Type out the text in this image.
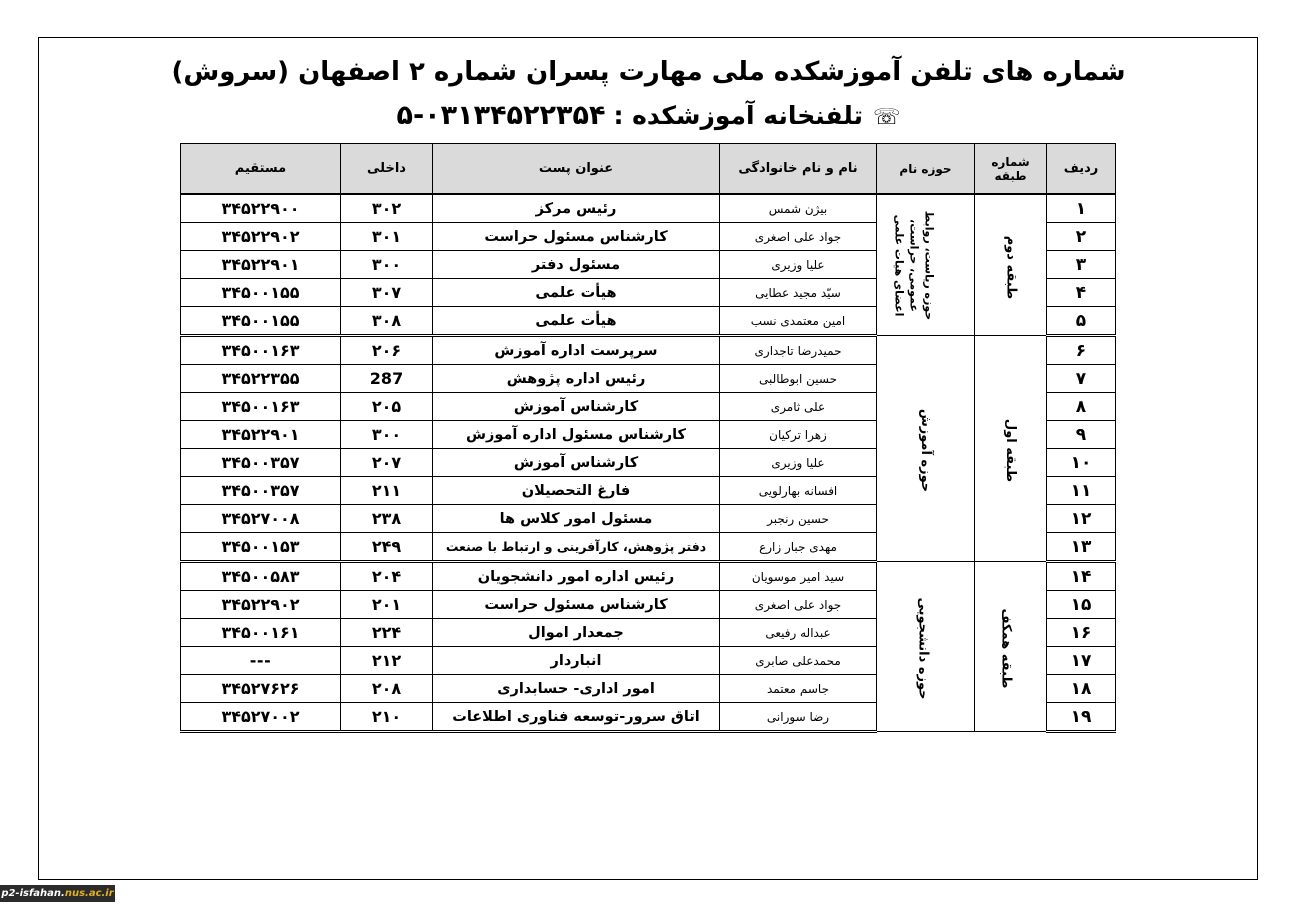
شماره های تلفن آموزشکده ملی مهارت پسران شماره ۲ اصفهان (سروش)
☏تلفنخانه آموزشکده :۰۳۱۳۴۵۲۲۳۵۴-۵
ردیف	شماره طبقه	حوزه نام	نام و نام خانوادگی	عنوان پست	داخلی	مستقیم
۱	طبقه دوم	حوزه ریاست، روابط عمومی، حراست، اعضای هیات علمی	بیژن شمس	رئیس مرکز	۳۰۲	۳۴۵۲۲۹۰۰
۲			جواد علی اصغری	کارشناس مسئول حراست	۳۰۱	۳۴۵۲۲۹۰۲
۳			علیا وزیری	مسئول دفتر	۳۰۰	۳۴۵۲۲۹۰۱
۴			سیّد مجید عطایی	هیأت علمی	۳۰۷	۳۴۵۰۰۱۵۵
۵			امین معتمدی نسب	هیأت علمی	۳۰۸	۳۴۵۰۰۱۵۵
۶	طبقه اول	حوزه آموزش	حمیدرضا تاجداری	سرپرست اداره آموزش	۲۰۶	۳۴۵۰۰۱۶۳
۷			حسین ابوطالبی	رئیس اداره پژوهش	287	۳۴۵۲۲۳۵۵
۸			علی ثامری	کارشناس آموزش	۲۰۵	۳۴۵۰۰۱۶۳
۹			زهرا ترکیان	کارشناس مسئول اداره آموزش	۳۰۰	۳۴۵۲۲۹۰۱
۱۰			علیا وزیری	کارشناس آموزش	۲۰۷	۳۴۵۰۰۳۵۷
۱۱			افسانه بهارلویی	فارغ التحصیلان	۲۱۱	۳۴۵۰۰۳۵۷
۱۲			حسین رنجبر	مسئول امور کلاس ها	۲۳۸	۳۴۵۲۷۰۰۸
۱۳			مهدی جبار زارع	دفتر پژوهش، کارآفرینی و ارتباط با صنعت	۲۴۹	۳۴۵۰۰۱۵۳
۱۴	طبقه همکف	حوزه دانشجویی	سید امیر موسویان	رئیس اداره امور دانشجویان	۲۰۴	۳۴۵۰۰۵۸۳
۱۵			جواد علی اصغری	کارشناس مسئول حراست	۲۰۱	۳۴۵۲۲۹۰۲
۱۶			عبداله رفیعی	جمعدار اموال	۲۲۴	۳۴۵۰۰۱۶۱
۱۷			محمدعلی صابری	انباردار	۲۱۲	---
۱۸			جاسم معتمد	امور اداری- حسابداری	۲۰۸	۳۴۵۲۷۶۲۶
۱۹			رضا سورانی	اتاق سرور-توسعه فناوری اطلاعات	۲۱۰	۳۴۵۲۷۰۰۲
p2-isfahan.nus.ac.ir
